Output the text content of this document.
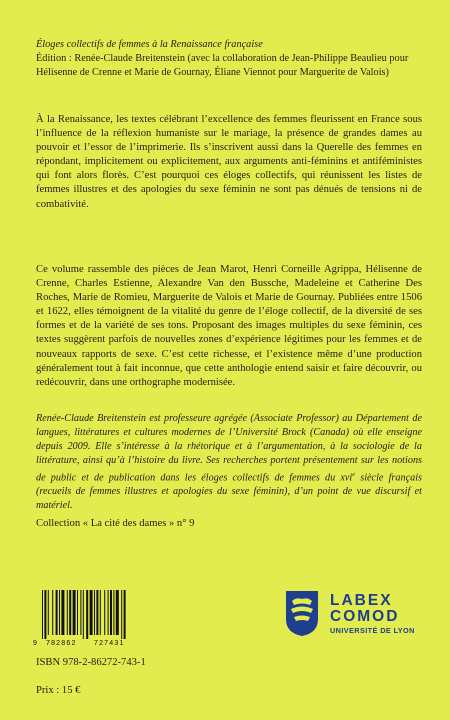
Éloges collectifs de femmes à la Renaissance française
Édition : Renée-Claude Breitenstein (avec la collaboration de Jean-Philippe Beaulieu pour Hélisenne de Crenne et Marie de Gournay, Éliane Viennot pour Marguerite de Valois)
À la Renaissance, les textes célébrant l’excellence des femmes fleurissent en France sous l’influence de la réflexion humaniste sur le mariage, la présence de grandes dames au pouvoir et l’essor de l’imprimerie. Ils s’inscrivent aussi dans la Querelle des femmes en répondant, implicitement ou explicitement, aux arguments anti-féminins et antiféministes qui font alors florès. C’est pourquoi ces éloges collectifs, qui réunissent les listes de femmes illustres et des apologies du sexe féminin ne sont pas dénués de tensions ni de combativité.
Ce volume rassemble des pièces de Jean Marot, Henri Corneille Agrippa, Hélisenne de Crenne, Charles Estienne, Alexandre Van den Bussche, Madeleine et Catherine Des Roches, Marie de Romieu, Marguerite de Valois et Marie de Gournay. Publiées entre 1506 et 1622, elles témoignent de la vitalité du genre de l’éloge collectif, de la diversité de ses formes et de la variété de ses tons. Proposant des images multiples du sexe féminin, ces textes suggèrent parfois de nouvelles zones d’expérience légitimes pour les femmes et de nouveaux rapports de sexe. C’est cette richesse, et l’existence même d’une production généralement tout à fait inconnue, que cette anthologie entend saisir et faire découvrir, ou redécouvrir, dans une orthographe modernisée.
Renée-Claude Breitenstein est professeure agrégée (Associate Professor) au Département de langues, littératures et cultures modernes de l’Université Brock (Canada) où elle enseigne depuis 2009. Elle s’intéresse à la rhétorique et à l’argumentation, à la sociologie de la littérature, ainsi qu’à l’histoire du livre. Ses recherches portent présentement sur les notions de public et de publication dans les éloges collectifs de femmes du xvi$^e$ siècle français (recueils de femmes illustres et apologies du sexe féminin), d’un point de vue discursif et matériel.
Collection « La cité des dames » n° 9
9 782862 727431
ISBN 978-2-86272-743-1
Prix : 15 €
LABEX
COMOD
UNIVERSITÉ DE LYON
